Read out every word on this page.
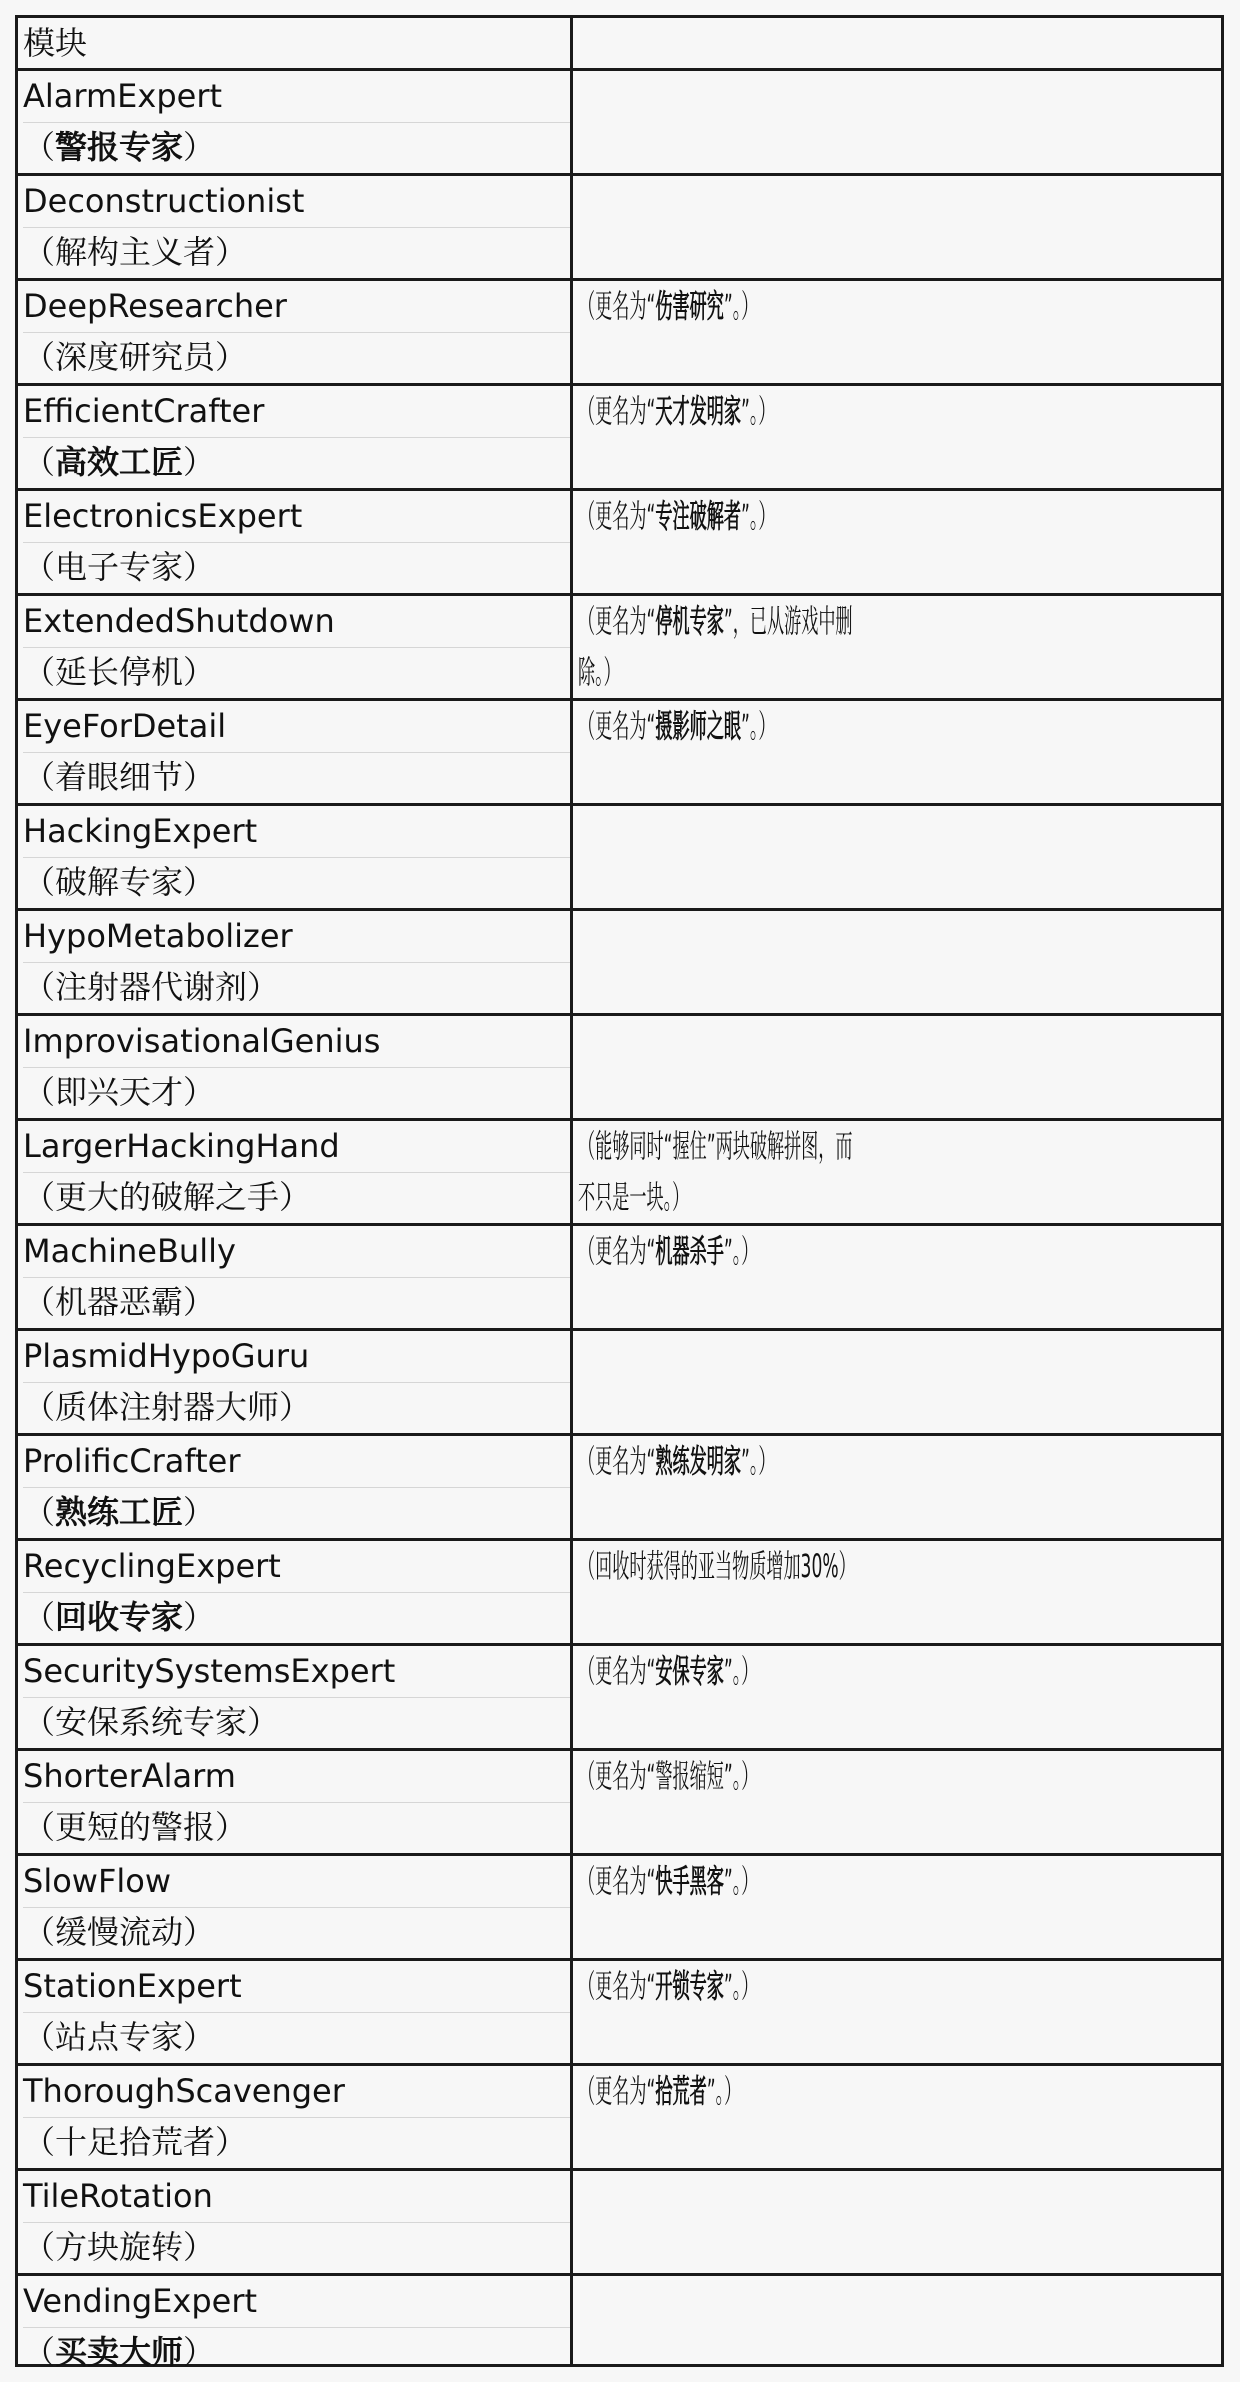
模块
AlarmExpert
（警报专家）
Deconstructionist
（解构主义者）
DeepResearcher
（深度研究员）
（更名为“伤害研究”。）
EfficientCrafter
（高效工匠）
（更名为“天才发明家”。）
ElectronicsExpert
（电子专家）
（更名为“专注破解者”。）
ExtendedShutdown
（延长停机）
（更名为“停机专家”，已从游戏中删
除。）
EyeForDetail
（着眼细节）
（更名为“摄影师之眼”。）
HackingExpert
（破解专家）
HypoMetabolizer
（注射器代谢剂）
ImprovisationalGenius
（即兴天才）
LargerHackingHand
（更大的破解之手）
（能够同时“握住”两块破解拼图，而
不只是一块。）
MachineBully
（机器恶霸）
（更名为“机器杀手”。）
PlasmidHypoGuru
（质体注射器大师）
ProlificCrafter
（熟练工匠）
（更名为“熟练发明家”。）
RecyclingExpert
（回收专家）
（回收时获得的亚当物质增加30%）
SecuritySystemsExpert
（安保系统专家）
（更名为“安保专家”。）
ShorterAlarm
（更短的警报）
（更名为“警报缩短”。）
SlowFlow
（缓慢流动）
（更名为“快手黑客”。）
StationExpert
（站点专家）
（更名为“开锁专家”。）
ThoroughScavenger
（十足拾荒者）
（更名为“拾荒者”。）
TileRotation
（方块旋转）
VendingExpert
（买卖大师）
